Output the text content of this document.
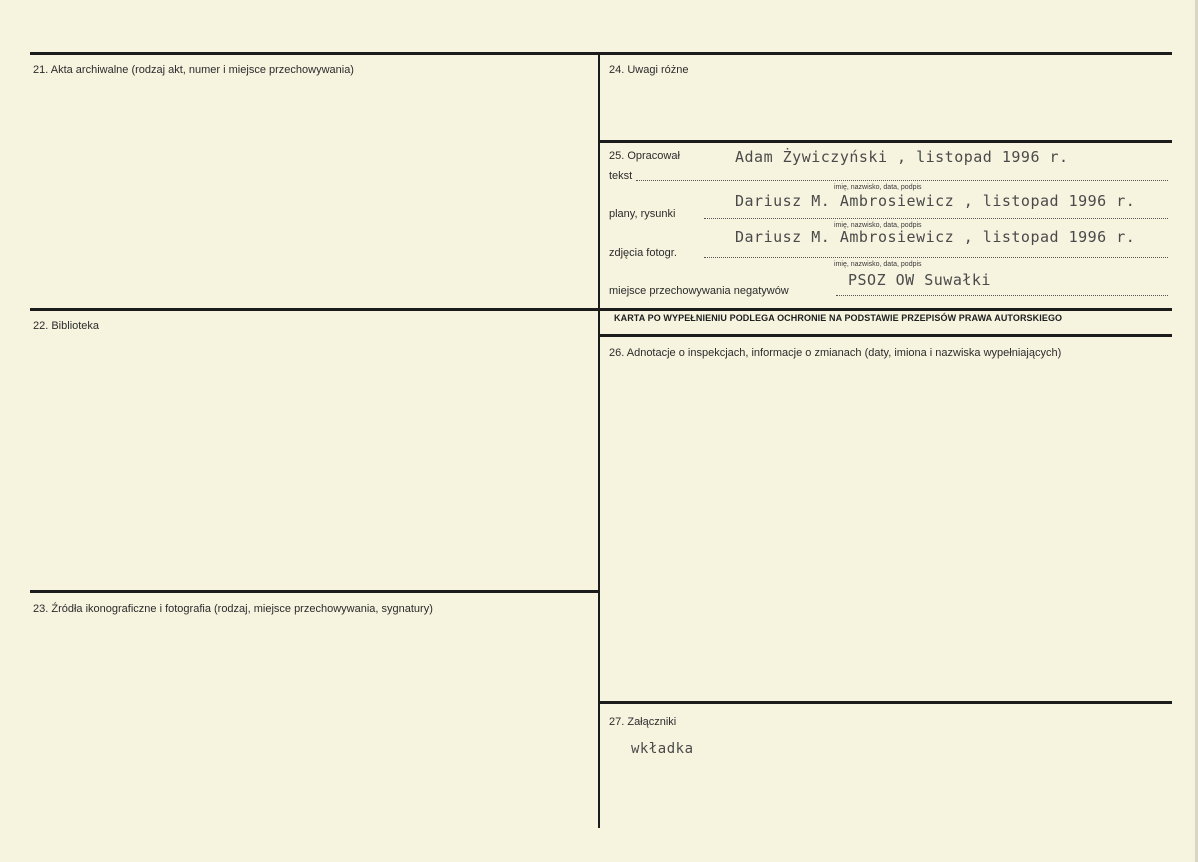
21. Akta archiwalne (rodzaj akt, numer i miejsce przechowywania)
22. Biblioteka
23. Źródła ikonograficzne i fotografia (rodzaj, miejsce przechowywania, sygnatury)
24. Uwagi różne
25. Opracował	Adam Żywiczyński , listopad 1996 r.
tekst
imię, nazwisko, data, podpis
Dariusz M. Ambrosiewicz , listopad 1996 r.
plany, rysunki
imię, nazwisko, data, podpis
Dariusz M. Ambrosiewicz , listopad 1996 r.
zdjęcia fotogr.
imię, nazwisko, data, podpis
PSOZ OW Suwałki
miejsce przechowywania negatywów
KARTA PO WYPEŁNIENIU PODLEGA OCHRONIE NA PODSTAWIE PRZEPISÓW PRAWA AUTORSKIEGO
26. Adnotacje o inspekcjach, informacje o zmianach (daty, imiona i nazwiska wypełniających)
27. Załączniki
wkładka
